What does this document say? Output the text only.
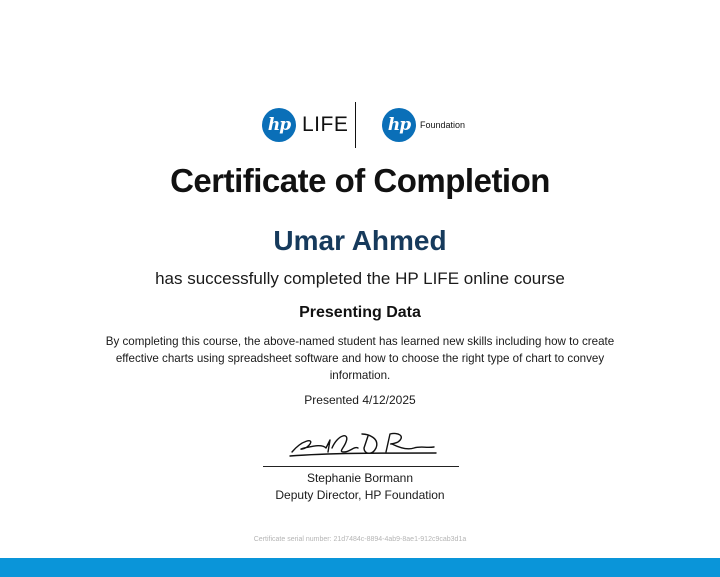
hp LIFE	hp	Foundation
Certificate of Completion
Umar Ahmed
has successfully completed the HP LIFE online course
Presenting Data
By completing this course, the above-named student has learned new skills including how to create effective charts using spreadsheet software and how to choose the right type of chart to convey information.
Presented 4/12/2025
Stephanie Bormann
Deputy Director, HP Foundation
Certificate serial number: 21d7484c-8894-4ab9-8ae1-912c9cab3d1a
